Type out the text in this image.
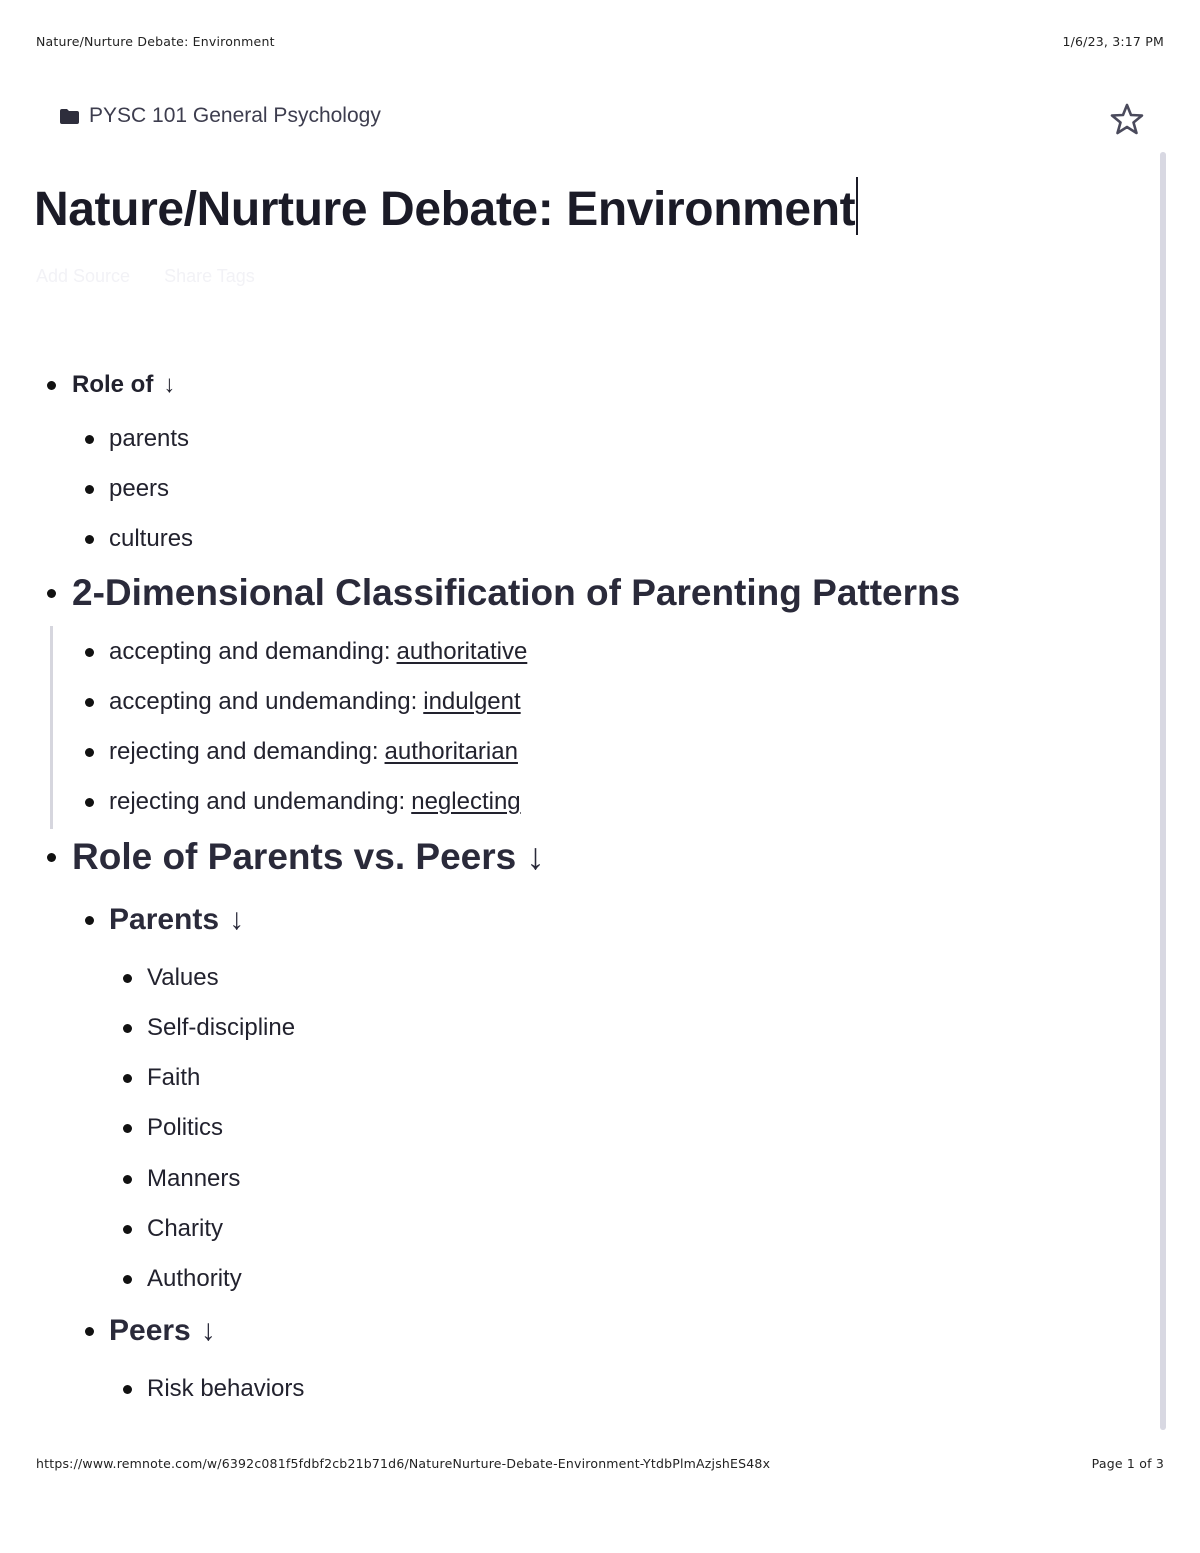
Nature/Nurture Debate: Environment	1/6/23, 3:17 PM
PYSC 101 General Psychology
Nature/Nurture Debate: Environment
Add Source Share Tags
Role of ↓
parents
peers
cultures
2-Dimensional Classification of Parenting Patterns
accepting and demanding: authoritative
accepting and undemanding: indulgent
rejecting and demanding: authoritarian
rejecting and undemanding: neglecting
Role of Parents vs. Peers ↓
Parents ↓
Values
Self-discipline
Faith
Politics
Manners
Charity
Authority
Peers ↓
Risk behaviors
https://www.remnote.com/w/6392c081f5fdbf2cb21b71d6/NatureNurture-Debate-Environment-YtdbPlmAzjshES48x	Page 1 of 3
